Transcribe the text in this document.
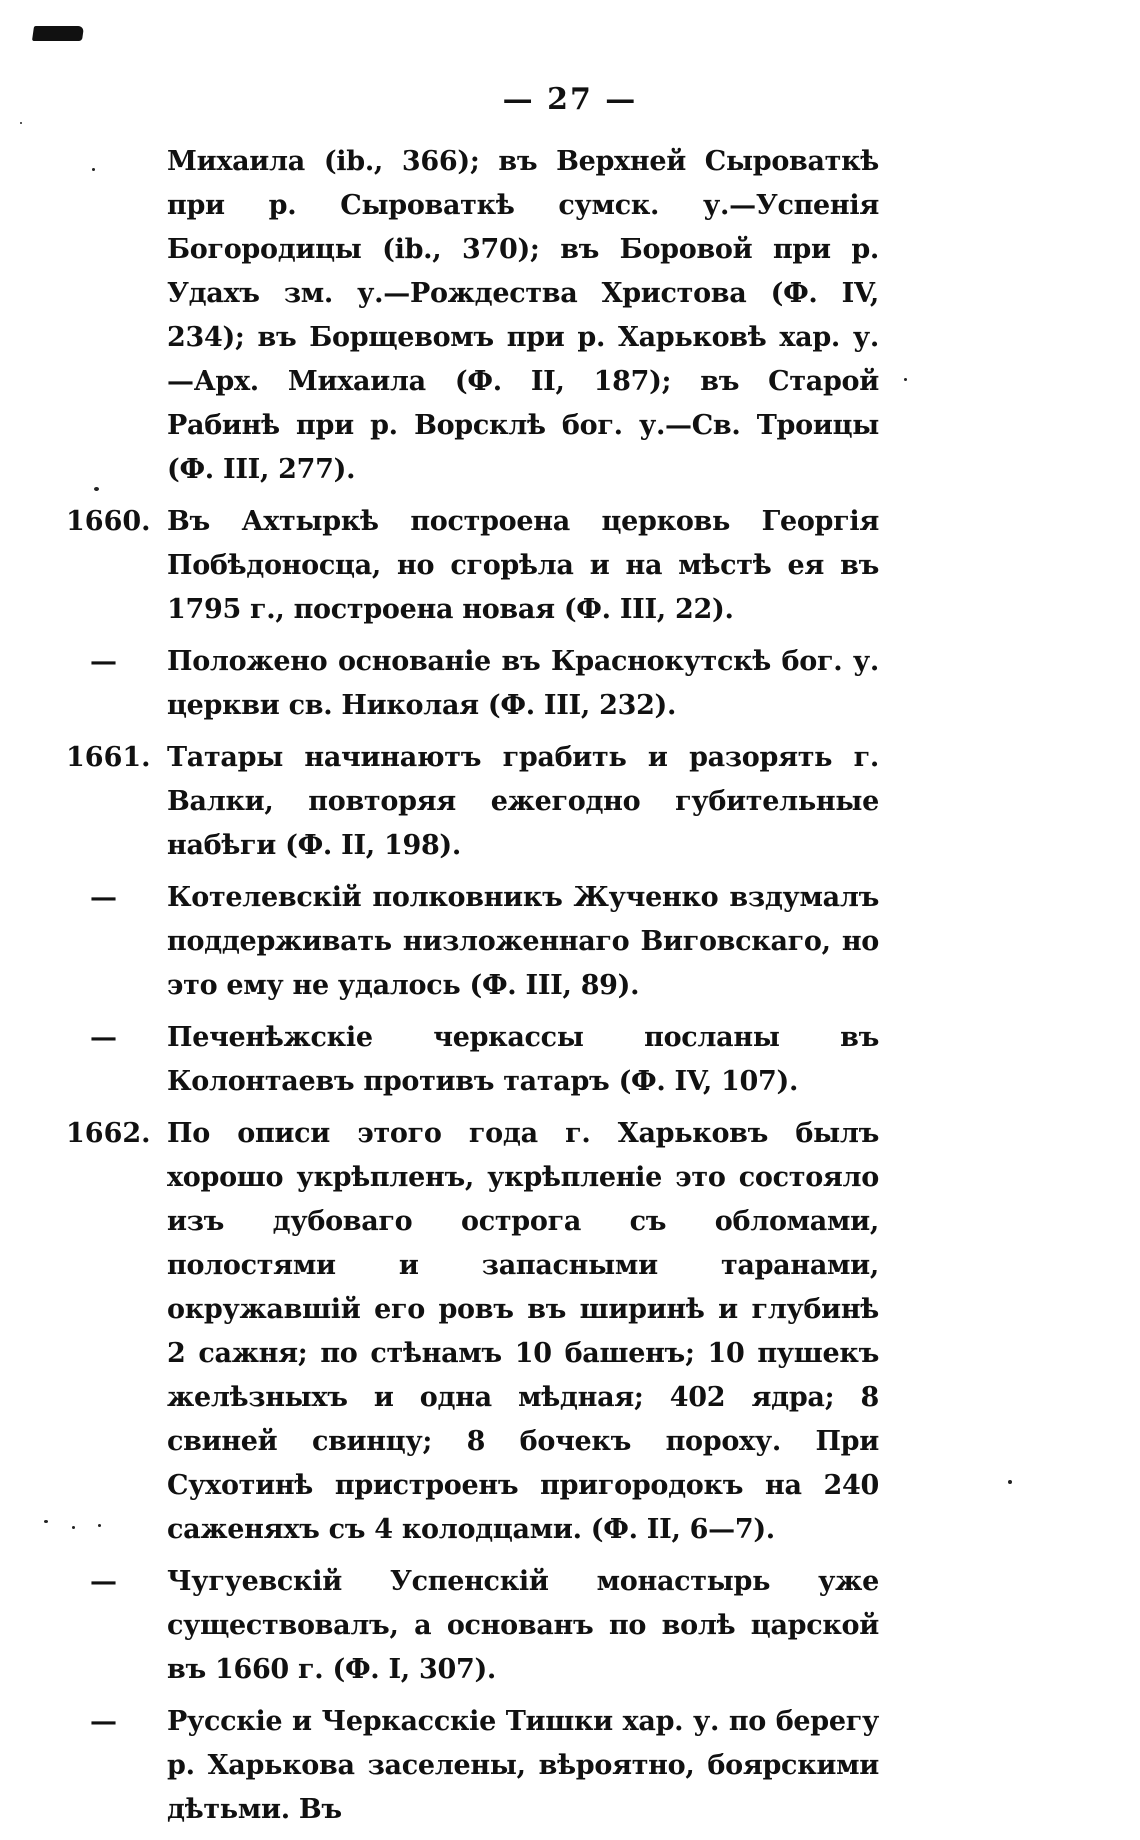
— 27 —
Михаила (ib., 366); въ Верхней Сыроваткѣ при р. Сыроваткѣ сумск. у.—Успенія Богородицы (ib., 370); въ Боровой при р. Удахъ зм. у.—Рождества Христова (Ф. IV, 234); въ Борщевомъ при р. Харьковѣ хар. у. —Арх. Михаила (Ф. II, 187); въ Старой Рабинѣ при р. Ворсклѣ бог. у.—Св. Троицы (Ф. III, 277).
1660. Въ Ахтыркѣ построена церковь Георгія Побѣдоносца, но сгорѣла и на мѣстѣ ея въ 1795 г., построена новая (Ф. III, 22).
—	Положено основаніе въ Краснокутскѣ бог. у. церкви св. Николая (Ф. III, 232).
1661. Татары начинаютъ грабить и разорять г. Валки, повторяя ежегодно губительные набѣги (Ф. II, 198).
—	Котелевскій полковникъ Жученко вздумалъ поддерживать низложеннаго Виговскаго, но это ему не удалось (Ф. III, 89).
—	Печенѣжскіе черкассы посланы въ Колонтаевъ противъ татаръ (Ф. IV, 107).
1662. По описи этого года г. Харьковъ былъ хорошо укрѣпленъ, укрѣпленіе это состояло изъ дубоваго острога съ обломами, полостями и запасными таранами, окружавшій его ровъ въ ширинѣ и глубинѣ 2 сажня; по стѣнамъ 10 башенъ; 10 пушекъ желѣзныхъ и одна мѣдная; 402 ядра; 8 свиней свинцу; 8 бочекъ пороху. При Сухотинѣ пристроенъ пригородокъ на 240 саженяхъ съ 4 колодцами. (Ф. II, 6—7).
—	Чугуевскій Успенскій монастырь уже существовалъ, а основанъ по волѣ царской въ 1660 г. (Ф. I, 307).
—	Русскіе и Черкасскіе Тишки хар. у. по берегу р. Харькова заселены, вѣроятно, боярскими дѣтьми. Въ
